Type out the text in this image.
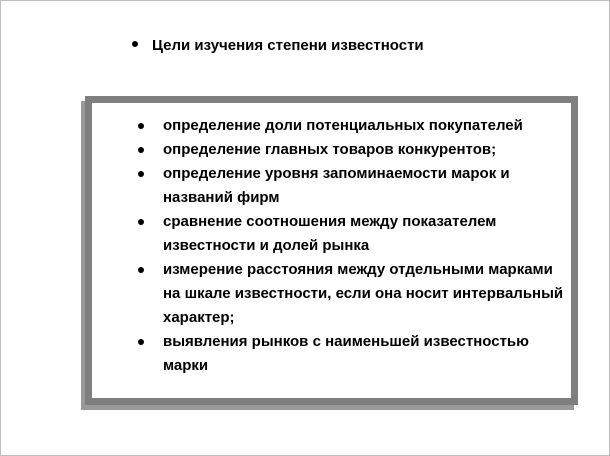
Цели изучения степени известности
определение доли потенциальных покупателей
определение главных товаров конкурентов;
определение уровня запоминаемости марок и названий фирм
сравнение соотношения между показателем известности и долей рынка
измерение расстояния между отдельными марками на шкале известности, если она носит интервальный характер;
выявления рынков с наименьшей известностью марки
